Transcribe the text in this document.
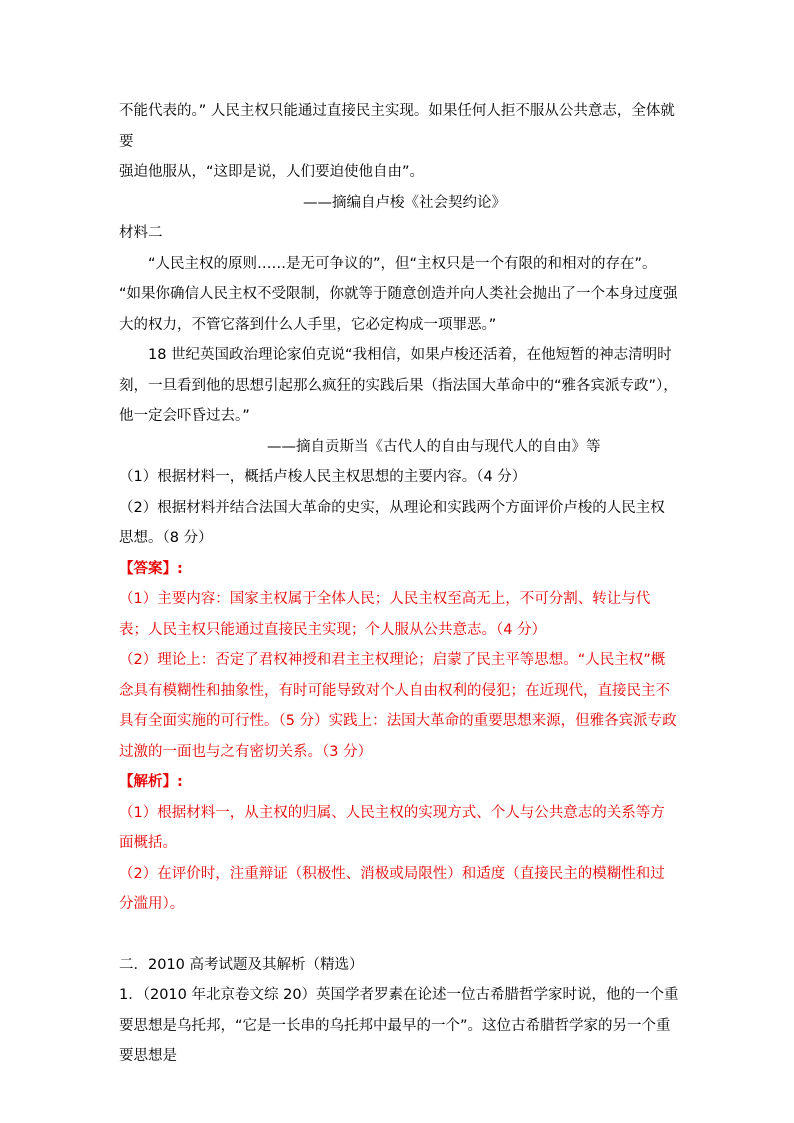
不能代表的。” 人民主权只能通过直接民主实现。如果任何人拒不服从公共意志，全体就要

强迫他服从，“这即是说，人们要迫使他自由”。

——摘编自卢梭《社会契约论》

材料二

“人民主权的原则……是无可争议的”，但“主权只是一个有限的和相对的存在”。 “如果你确信人民主权不受限制，你就等于随意创造并向人类社会抛出了一个本身过度强大的权力，不管它落到什么人手里，它必定构成一项罪恶。”

18 世纪英国政治理论家伯克说“我相信，如果卢梭还活着，在他短暂的神志清明时刻，一旦看到他的思想引起那么疯狂的实践后果（指法国大革命中的“雅各宾派专政”），他一定会吓昏过去。”

——摘自贡斯当《古代人的自由与现代人的自由》等

（1）根据材料一，概括卢梭人民主权思想的主要内容。（4 分）

（2）根据材料并结合法国大革命的史实，从理论和实践两个方面评价卢梭的人民主权思想。（8 分）

【答案】:

（1）主要内容：国家主权属于全体人民；人民主权至高无上，不可分割、转让与代表；人民主权只能通过直接民主实现；个人服从公共意志。（4 分）

（2）理论上：否定了君权神授和君主主权理论；启蒙了民主平等思想。“人民主权”概念具有模糊性和抽象性，有时可能导致对个人自由权利的侵犯；在近现代，直接民主不具有全面实施的可行性。（5 分）实践上：法国大革命的重要思想来源，但雅各宾派专政过激的一面也与之有密切关系。（3 分）

【解析】:

（1）根据材料一，从主权的归属、人民主权的实现方式、个人与公共意志的关系等方面概括。

（2）在评价时，注重辩证（积极性、消极或局限性）和适度（直接民主的模糊性和过分滥用）。

二．2010 高考试题及其解析（精选）

1．（2010 年北京卷文综 20）英国学者罗素在论述一位古希腊哲学家时说，他的一个重要思想是乌托邦，“它是一长串的乌托邦中最早的一个”。这位古希腊哲学家的另一个重要思想是
